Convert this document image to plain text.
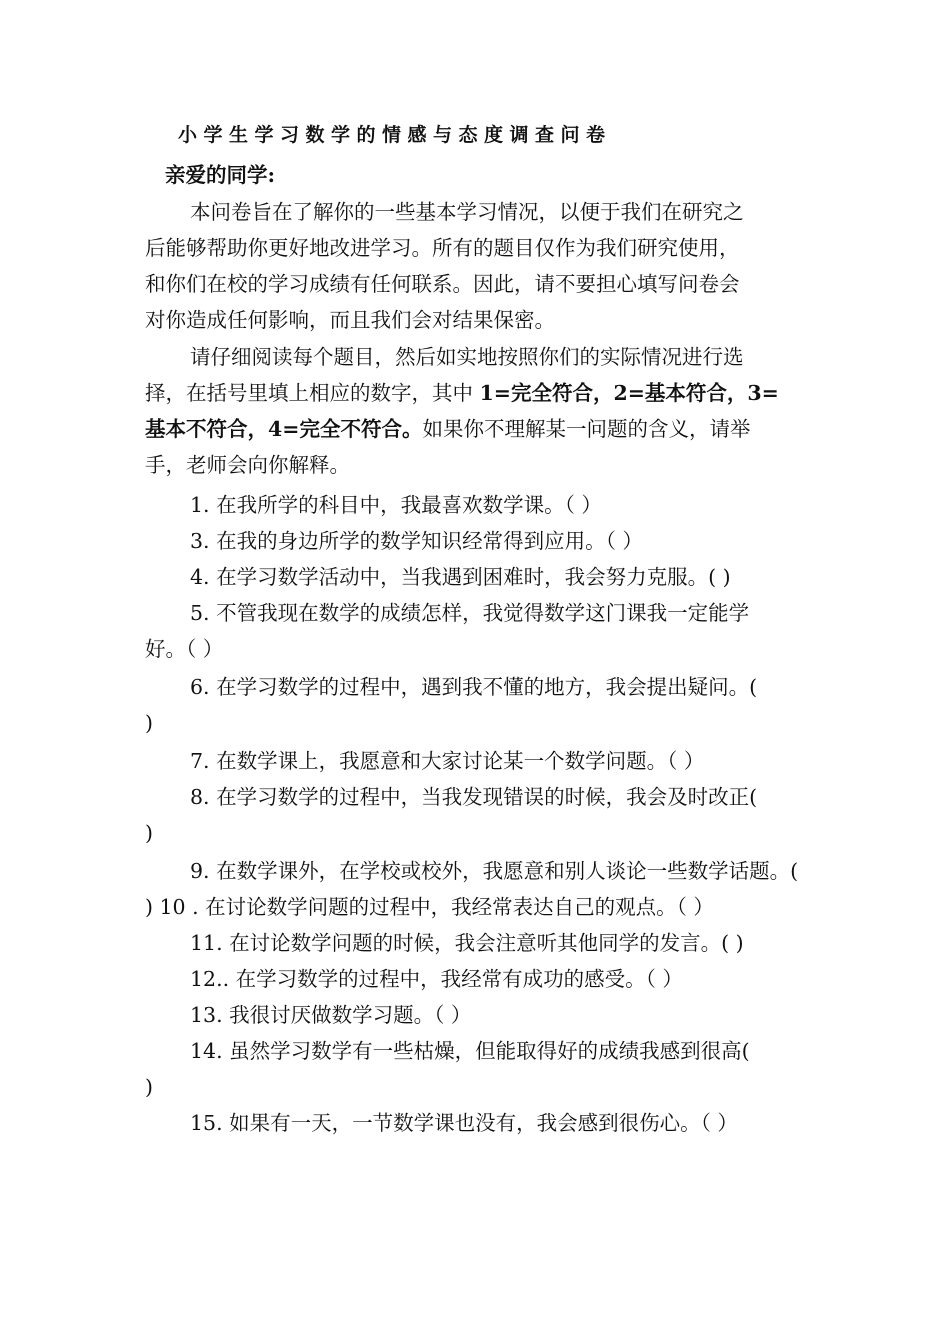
小学生学习数学的情感与态度调查问卷
亲爱的同学:
本问卷旨在了解你的一些基本学习情况，以便于我们在研究之
后能够帮助你更好地改进学习。所有的题目仅作为我们研究使用，
和你们在校的学习成绩有任何联系。因此，请不要担心填写问卷会
对你造成任何影响，而且我们会对结果保密。
请仔细阅读每个题目，然后如实地按照你们的实际情况进行选
择，在括号里填上相应的数字，其中 1=完全符合，2=基本符合，3=
基本不符合，4=完全不符合。如果你不理解某一问题的含义，请举
手，老师会向你解释。
1. 在我所学的科目中，我最喜欢数学课。（ ）
3. 在我的身边所学的数学知识经常得到应用。（ ）
4. 在学习数学活动中，当我遇到困难时，我会努力克服。( )
5. 不管我现在数学的成绩怎样，我觉得数学这门课我一定能学
好。（ ）
6. 在学习数学的过程中，遇到我不懂的地方，我会提出疑问。(
)
7. 在数学课上，我愿意和大家讨论某一个数学问题。（ ）
8. 在学习数学的过程中，当我发现错误的时候，我会及时改正(
)
9. 在数学课外，在学校或校外，我愿意和别人谈论一些数学话题。(
) 10 . 在讨论数学问题的过程中，我经常表达自己的观点。（ ）
11. 在讨论数学问题的时候，我会注意听其他同学的发言。( )
12.. 在学习数学的过程中，我经常有成功的感受。（ ）
13. 我很讨厌做数学习题。（ ）
14. 虽然学习数学有一些枯燥，但能取得好的成绩我感到很高(
)
15. 如果有一天，一节数学课也没有，我会感到很伤心。（ ）
